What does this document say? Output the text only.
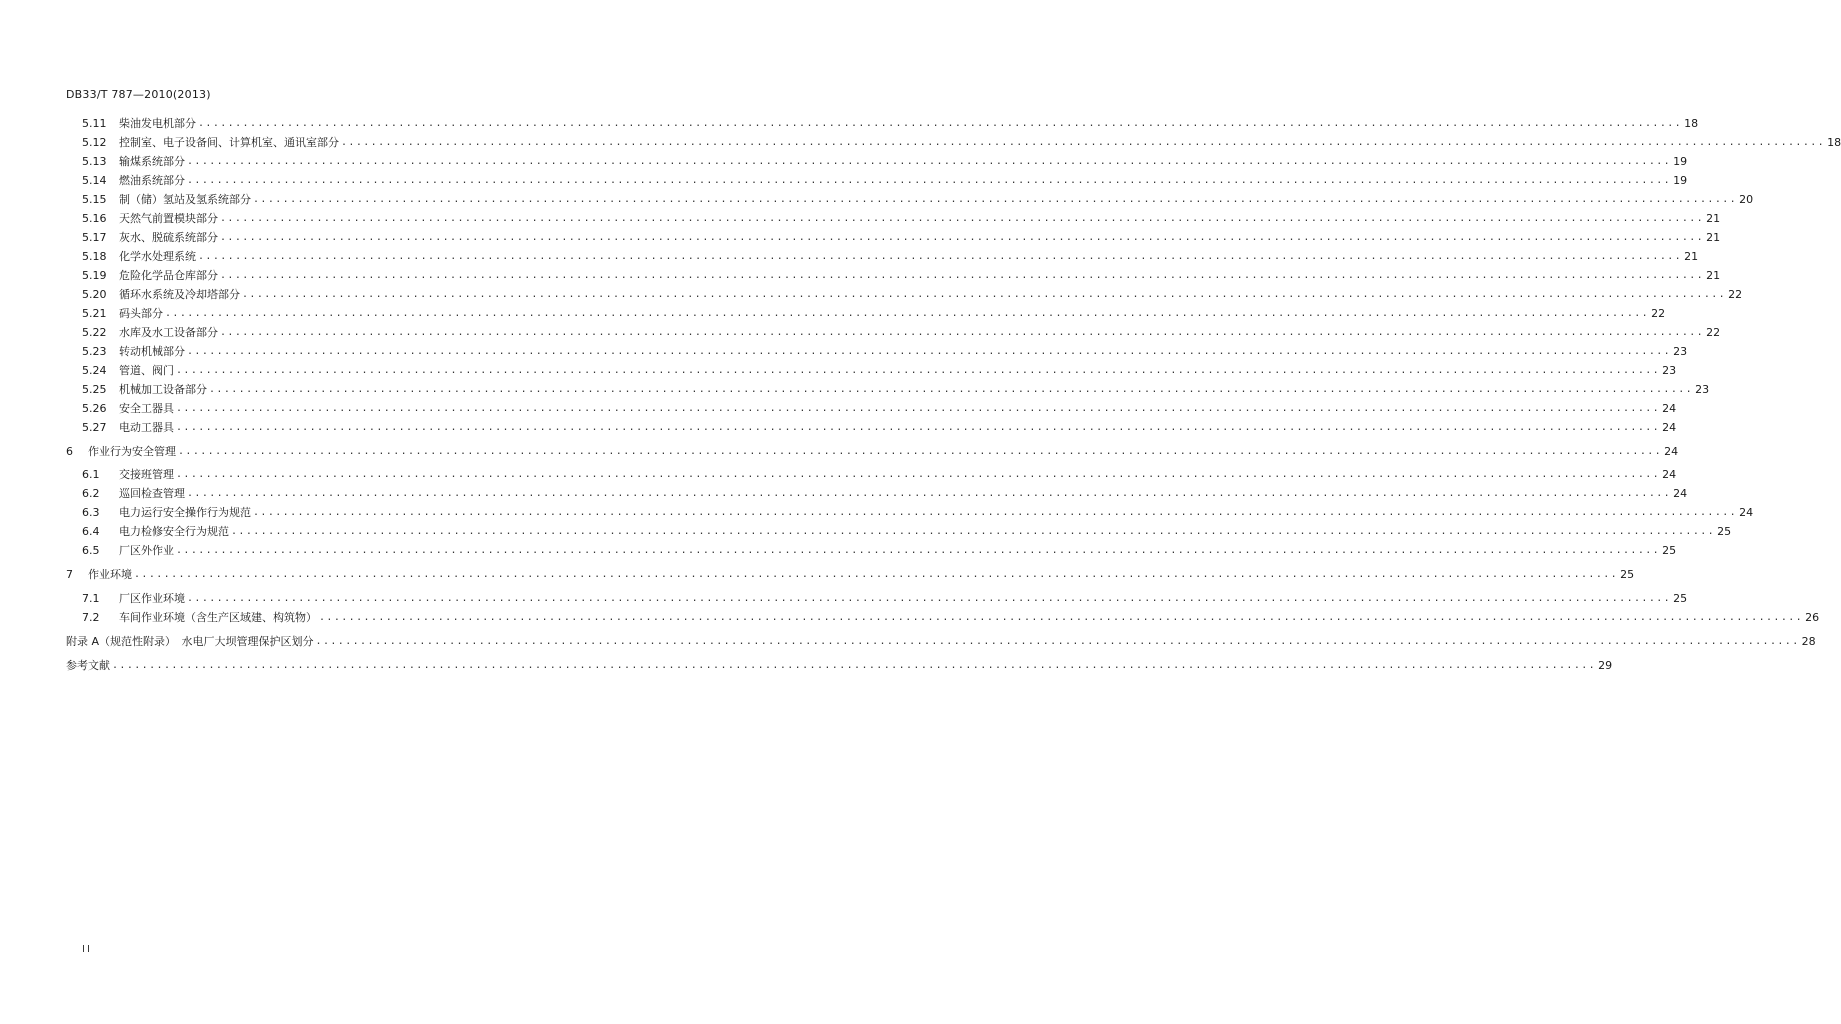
DB33/T 787—2010(2013)
5.11	柴油发电机部分 ........................................................................................................................................................................................................ 18
5.12	控制室、电子设备间、计算机室、通讯室部分 ........................................................................................................................................................................................................ 18
5.13	输煤系统部分 ........................................................................................................................................................................................................ 19
5.14	燃油系统部分 ........................................................................................................................................................................................................ 19
5.15	制（储）氢站及氢系统部分 ........................................................................................................................................................................................................ 20
5.16	天然气前置模块部分 ........................................................................................................................................................................................................ 21
5.17	灰水、脱硫系统部分 ........................................................................................................................................................................................................ 21
5.18	化学水处理系统 ........................................................................................................................................................................................................ 21
5.19	危险化学品仓库部分 ........................................................................................................................................................................................................ 21
5.20	循环水系统及冷却塔部分 ........................................................................................................................................................................................................ 22
5.21	码头部分 ........................................................................................................................................................................................................ 22
5.22	水库及水工设备部分 ........................................................................................................................................................................................................ 22
5.23	转动机械部分 ........................................................................................................................................................................................................ 23
5.24	管道、阀门 ........................................................................................................................................................................................................ 23
5.25	机械加工设备部分 ........................................................................................................................................................................................................ 23
5.26	安全工器具 ........................................................................................................................................................................................................ 24
5.27	电动工器具 ........................................................................................................................................................................................................ 24
6	作业行为安全管理 ........................................................................................................................................................................................................ 24
6.1	交接班管理 ........................................................................................................................................................................................................ 24
6.2	巡回检查管理 ........................................................................................................................................................................................................ 24
6.3	电力运行安全操作行为规范 ........................................................................................................................................................................................................ 24
6.4	电力检修安全行为规范 ........................................................................................................................................................................................................ 25
6.5	厂区外作业 ........................................................................................................................................................................................................ 25
7	作业环境 ........................................................................................................................................................................................................ 25
7.1	厂区作业环境 ........................................................................................................................................................................................................ 25
7.2	车间作业环境（含生产区域建、构筑物） ........................................................................................................................................................................................................ 26
附录 A（规范性附录）　水电厂大坝管理保护区划分 ........................................................................................................................................................................................................ 28
参考文献 ........................................................................................................................................................................................................ 29
II
